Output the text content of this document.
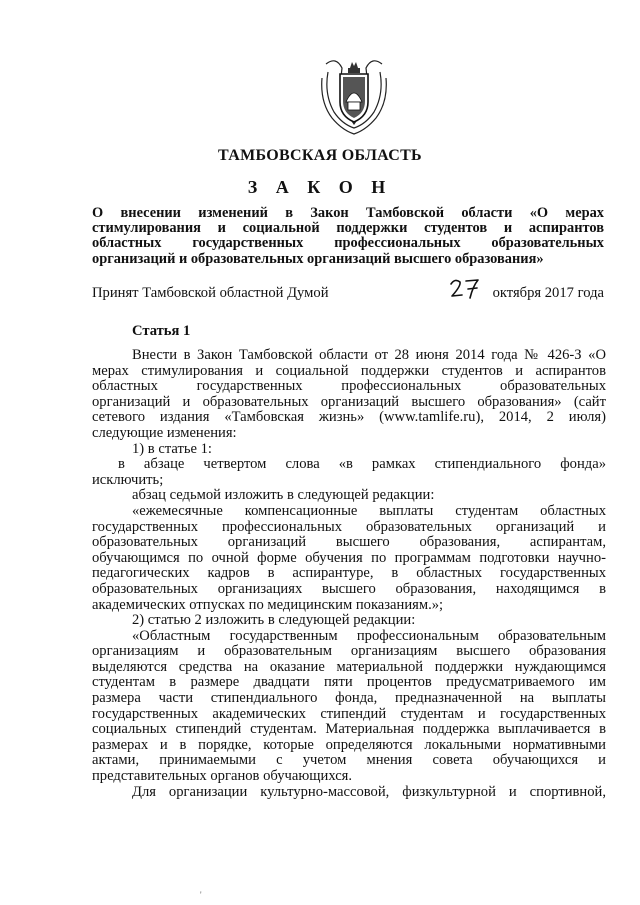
ТАМБОВСКАЯ ОБЛАСТЬ
З А К О Н
О внесении изменений в Закон Тамбовской области «О мерах
стимулирования и социальной поддержки студентов и аспирантов
областных государственных профессиональных образовательных
организаций и образовательных организаций высшего образования»
Принят Тамбовской областной Думой	октября 2017 года
Статья 1
Внести в Закон Тамбовской области от 28 июня 2014 года № 426-З «О
мерах стимулирования и социальной поддержки студентов и аспирантов
областных государственных профессиональных образовательных
организаций и образовательных организаций высшего образования» (сайт
сетевого издания «Тамбовская жизнь» (www.tamlife.ru), 2014, 2 июля)
следующие изменения:
1) в статье 1:
в абзаце четвертом слова «в рамках стипендиального фонда»
исключить;
абзац седьмой изложить в следующей редакции:
«ежемесячные компенсационные выплаты студентам областных
государственных профессиональных образовательных организаций и
образовательных организаций высшего образования, аспирантам,
обучающимся по очной форме обучения по программам подготовки научно-
педагогических кадров в аспирантуре, в областных государственных
образовательных организациях высшего образования, находящимся в
академических отпусках по медицинским показаниям.»;
2) статью 2 изложить в следующей редакции:
«Областным государственным профессиональным образовательным
организациям и образовательным организациям высшего образования
выделяются средства на оказание материальной поддержки нуждающимся
студентам в размере двадцати пяти процентов предусматриваемого им
размера части стипендиального фонда, предназначенной на выплаты
государственных академических стипендий студентам и государственных
социальных стипендий студентам. Материальная поддержка выплачивается в
размерах и в порядке, которые определяются локальными нормативными
актами, принимаемыми с учетом мнения совета обучающихся и
представительных органов обучающихся.
Для организации культурно-массовой, физкультурной и спортивной,
'
